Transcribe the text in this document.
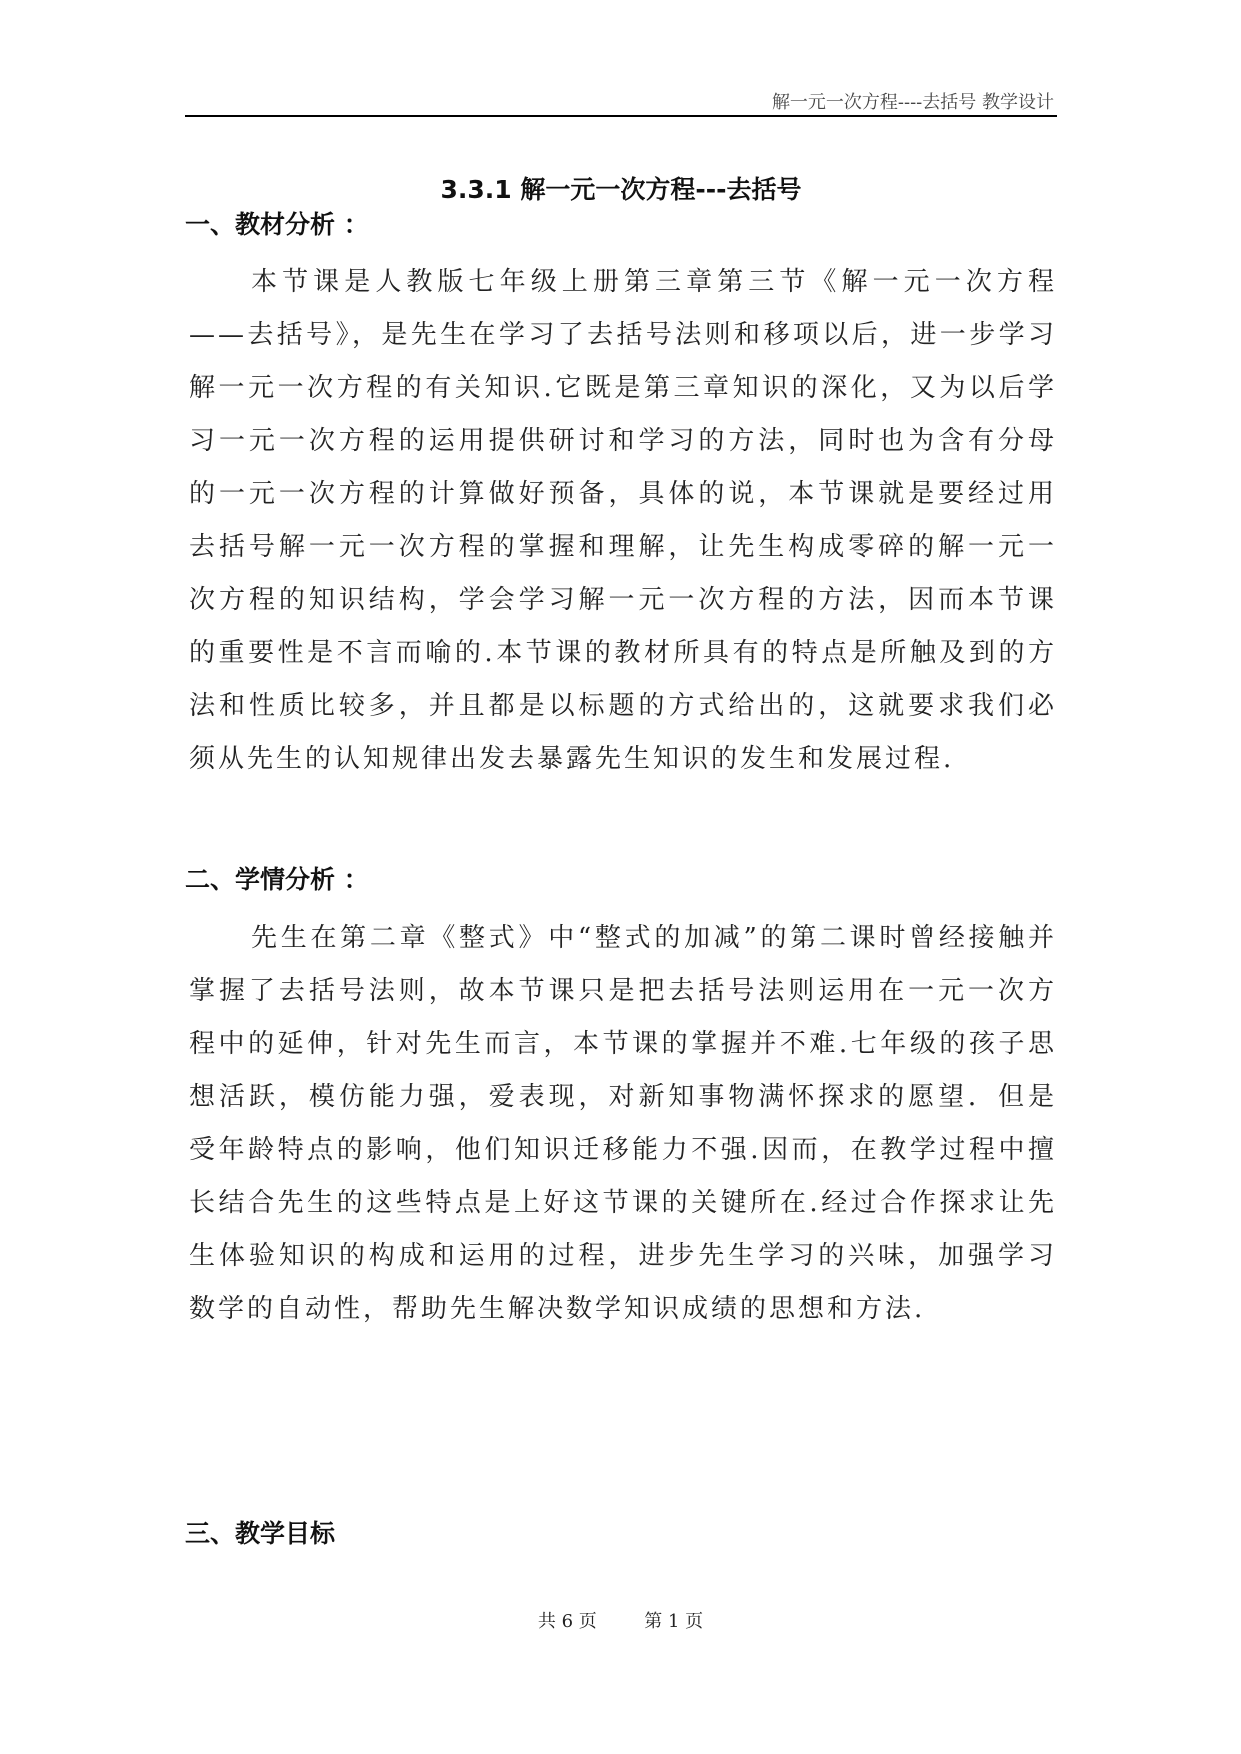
解一元一次方程----去括号 教学设计
3.3.1 解一元一次方程---去括号
一、教材分析 ：
本节课是人教版七年级上册第三章第三节《解一元一次方程——去括号》，是先生在学习了去括号法则和移项以后，进一步学习解一元一次方程的有关知识.它既是第三章知识的深化，又为以后学习一元一次方程的运用提供研讨和学习的方法，同时也为含有分母的一元一次方程的计算做好预备，具体的说，本节课就是要经过用去括号解一元一次方程的掌握和理解，让先生构成零碎的解一元一次方程的知识结构，学会学习解一元一次方程的方法，因而本节课的重要性是不言而喻的.本节课的教材所具有的特点是所触及到的方法和性质比较多，并且都是以标题的方式给出的，这就要求我们必须从先生的认知规律出发去暴露先生知识的发生和发展过程.
二、学情分析 ：
先生在第二章《整式》中“整式的加减”的第二课时曾经接触并掌握了去括号法则，故本节课只是把去括号法则运用在一元一次方程中的延伸，针对先生而言，本节课的掌握并不难.七年级的孩子思想活跃，模仿能力强，爱表现，对新知事物满怀探求的愿望．但是受年龄特点的影响，他们知识迁移能力不强.因而，在教学过程中擅长结合先生的这些特点是上好这节课的关键所在.经过合作探求让先生体验知识的构成和运用的过程，进步先生学习的兴味，加强学习数学的自动性，帮助先生解决数学知识成绩的思想和方法.
三、教学目标
共 6 页	第 1 页
